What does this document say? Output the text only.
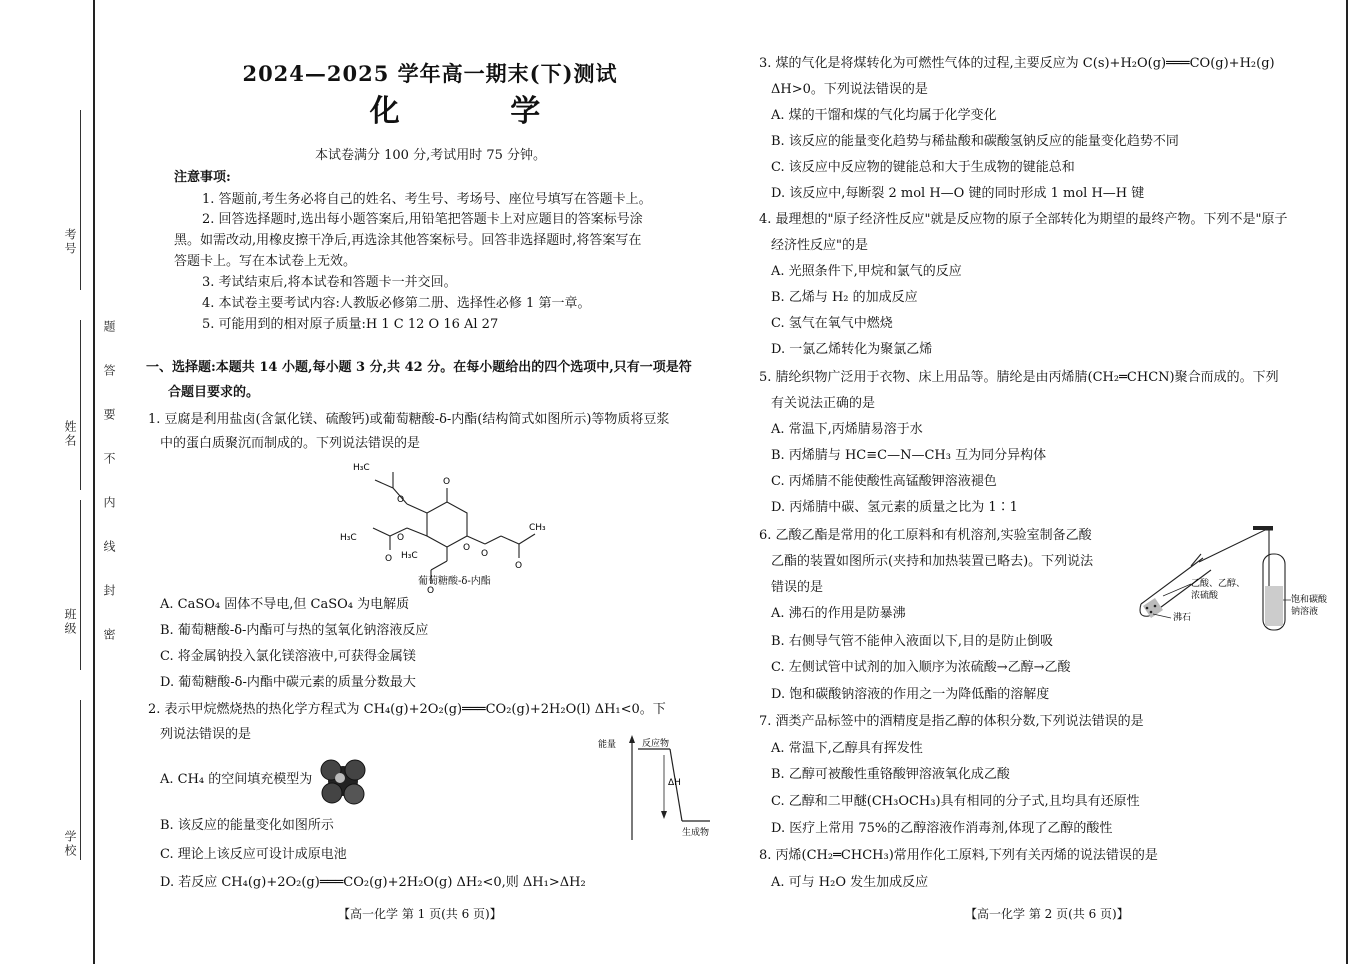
考号
姓名
班级
学校
题
答
要
不
内
线
封
密
2024—2025 学年高一期末(下)测试
化 学
本试卷满分 100 分,考试用时 75 分钟。
注意事项:
1. 答题前,考生务必将自己的姓名、考生号、考场号、座位号填写在答题卡上。
2. 回答选择题时,选出每小题答案后,用铅笔把答题卡上对应题目的答案标号涂
黑。如需改动,用橡皮擦干净后,再选涂其他答案标号。回答非选择题时,将答案写在
答题卡上。写在本试卷上无效。
3. 考试结束后,将本试卷和答题卡一并交回。
4. 本试卷主要考试内容:人教版必修第二册、选择性必修 1 第一章。
5. 可能用到的相对原子质量:H 1 C 12 O 16 Al 27
一、选择题:本题共 14 小题,每小题 3 分,共 42 分。在每小题给出的四个选项中,只有一项是符
合题目要求的。
1. 豆腐是利用盐卤(含氯化镁、硫酸钙)或葡萄糖酸-δ-内酯(结构简式如图所示)等物质将豆浆
中的蛋白质聚沉而制成的。下列说法错误的是
H₃C
O
O
O
O
H₃C
O
CH₃
H₃C
O
O
O
葡萄糖酸-δ-内酯
A. CaSO₄ 固体不导电,但 CaSO₄ 为电解质
B. 葡萄糖酸-δ-内酯可与热的氢氧化钠溶液反应
C. 将金属钠投入氯化镁溶液中,可获得金属镁
D. 葡萄糖酸-δ-内酯中碳元素的质量分数最大
2. 表示甲烷燃烧热的热化学方程式为 CH₄(g)+2O₂(g)═══CO₂(g)+2H₂O(l) ΔH₁<0。下
列说法错误的是
A. CH₄ 的空间填充模型为
能量	反应物
ΔH
生成物
B. 该反应的能量变化如图所示
C. 理论上该反应可设计成原电池
D. 若反应 CH₄(g)+2O₂(g)═══CO₂(g)+2H₂O(g) ΔH₂<0,则 ΔH₁>ΔH₂
【高一化学 第 1 页(共 6 页)】
3. 煤的气化是将煤转化为可燃性气体的过程,主要反应为 C(s)+H₂O(g)═══CO(g)+H₂(g)
ΔH>0。下列说法错误的是
A. 煤的干馏和煤的气化均属于化学变化
B. 该反应的能量变化趋势与稀盐酸和碳酸氢钠反应的能量变化趋势不同
C. 该反应中反应物的键能总和大于生成物的键能总和
D. 该反应中,每断裂 2 mol H—O 键的同时形成 1 mol H—H 键
4. 最理想的"原子经济性反应"就是反应物的原子全部转化为期望的最终产物。下列不是"原子
经济性反应"的是
A. 光照条件下,甲烷和氯气的反应
B. 乙烯与 H₂ 的加成反应
C. 氢气在氧气中燃烧
D. 一氯乙烯转化为聚氯乙烯
5. 腈纶织物广泛用于衣物、床上用品等。腈纶是由丙烯腈(CH₂═CHCN)聚合而成的。下列
有关说法正确的是
A. 常温下,丙烯腈易溶于水
B. 丙烯腈与 HC≡C—N—CH₃ 互为同分异构体
C. 丙烯腈不能使酸性高锰酸钾溶液褪色
D. 丙烯腈中碳、氢元素的质量之比为 1∶1
6. 乙酸乙酯是常用的化工原料和有机溶剂,实验室制备乙酸
乙酯的装置如图所示(夹持和加热装置已略去)。下列说法
错误的是
A. 沸石的作用是防暴沸
B. 右侧导气管不能伸入液面以下,目的是防止倒吸
C. 左侧试管中试剂的加入顺序为浓硫酸→乙醇→乙酸
D. 饱和碳酸钠溶液的作用之一为降低酯的溶解度
乙酸、乙醇、
浓硫酸
沸石
饱和碳酸
钠溶液
7. 酒类产品标签中的酒精度是指乙醇的体积分数,下列说法错误的是
A. 常温下,乙醇具有挥发性
B. 乙醇可被酸性重铬酸钾溶液氧化成乙酸
C. 乙醇和二甲醚(CH₃OCH₃)具有相同的分子式,且均具有还原性
D. 医疗上常用 75%的乙醇溶液作消毒剂,体现了乙醇的酸性
8. 丙烯(CH₂═CHCH₃)常用作化工原料,下列有关丙烯的说法错误的是
A. 可与 H₂O 发生加成反应
【高一化学 第 2 页(共 6 页)】
